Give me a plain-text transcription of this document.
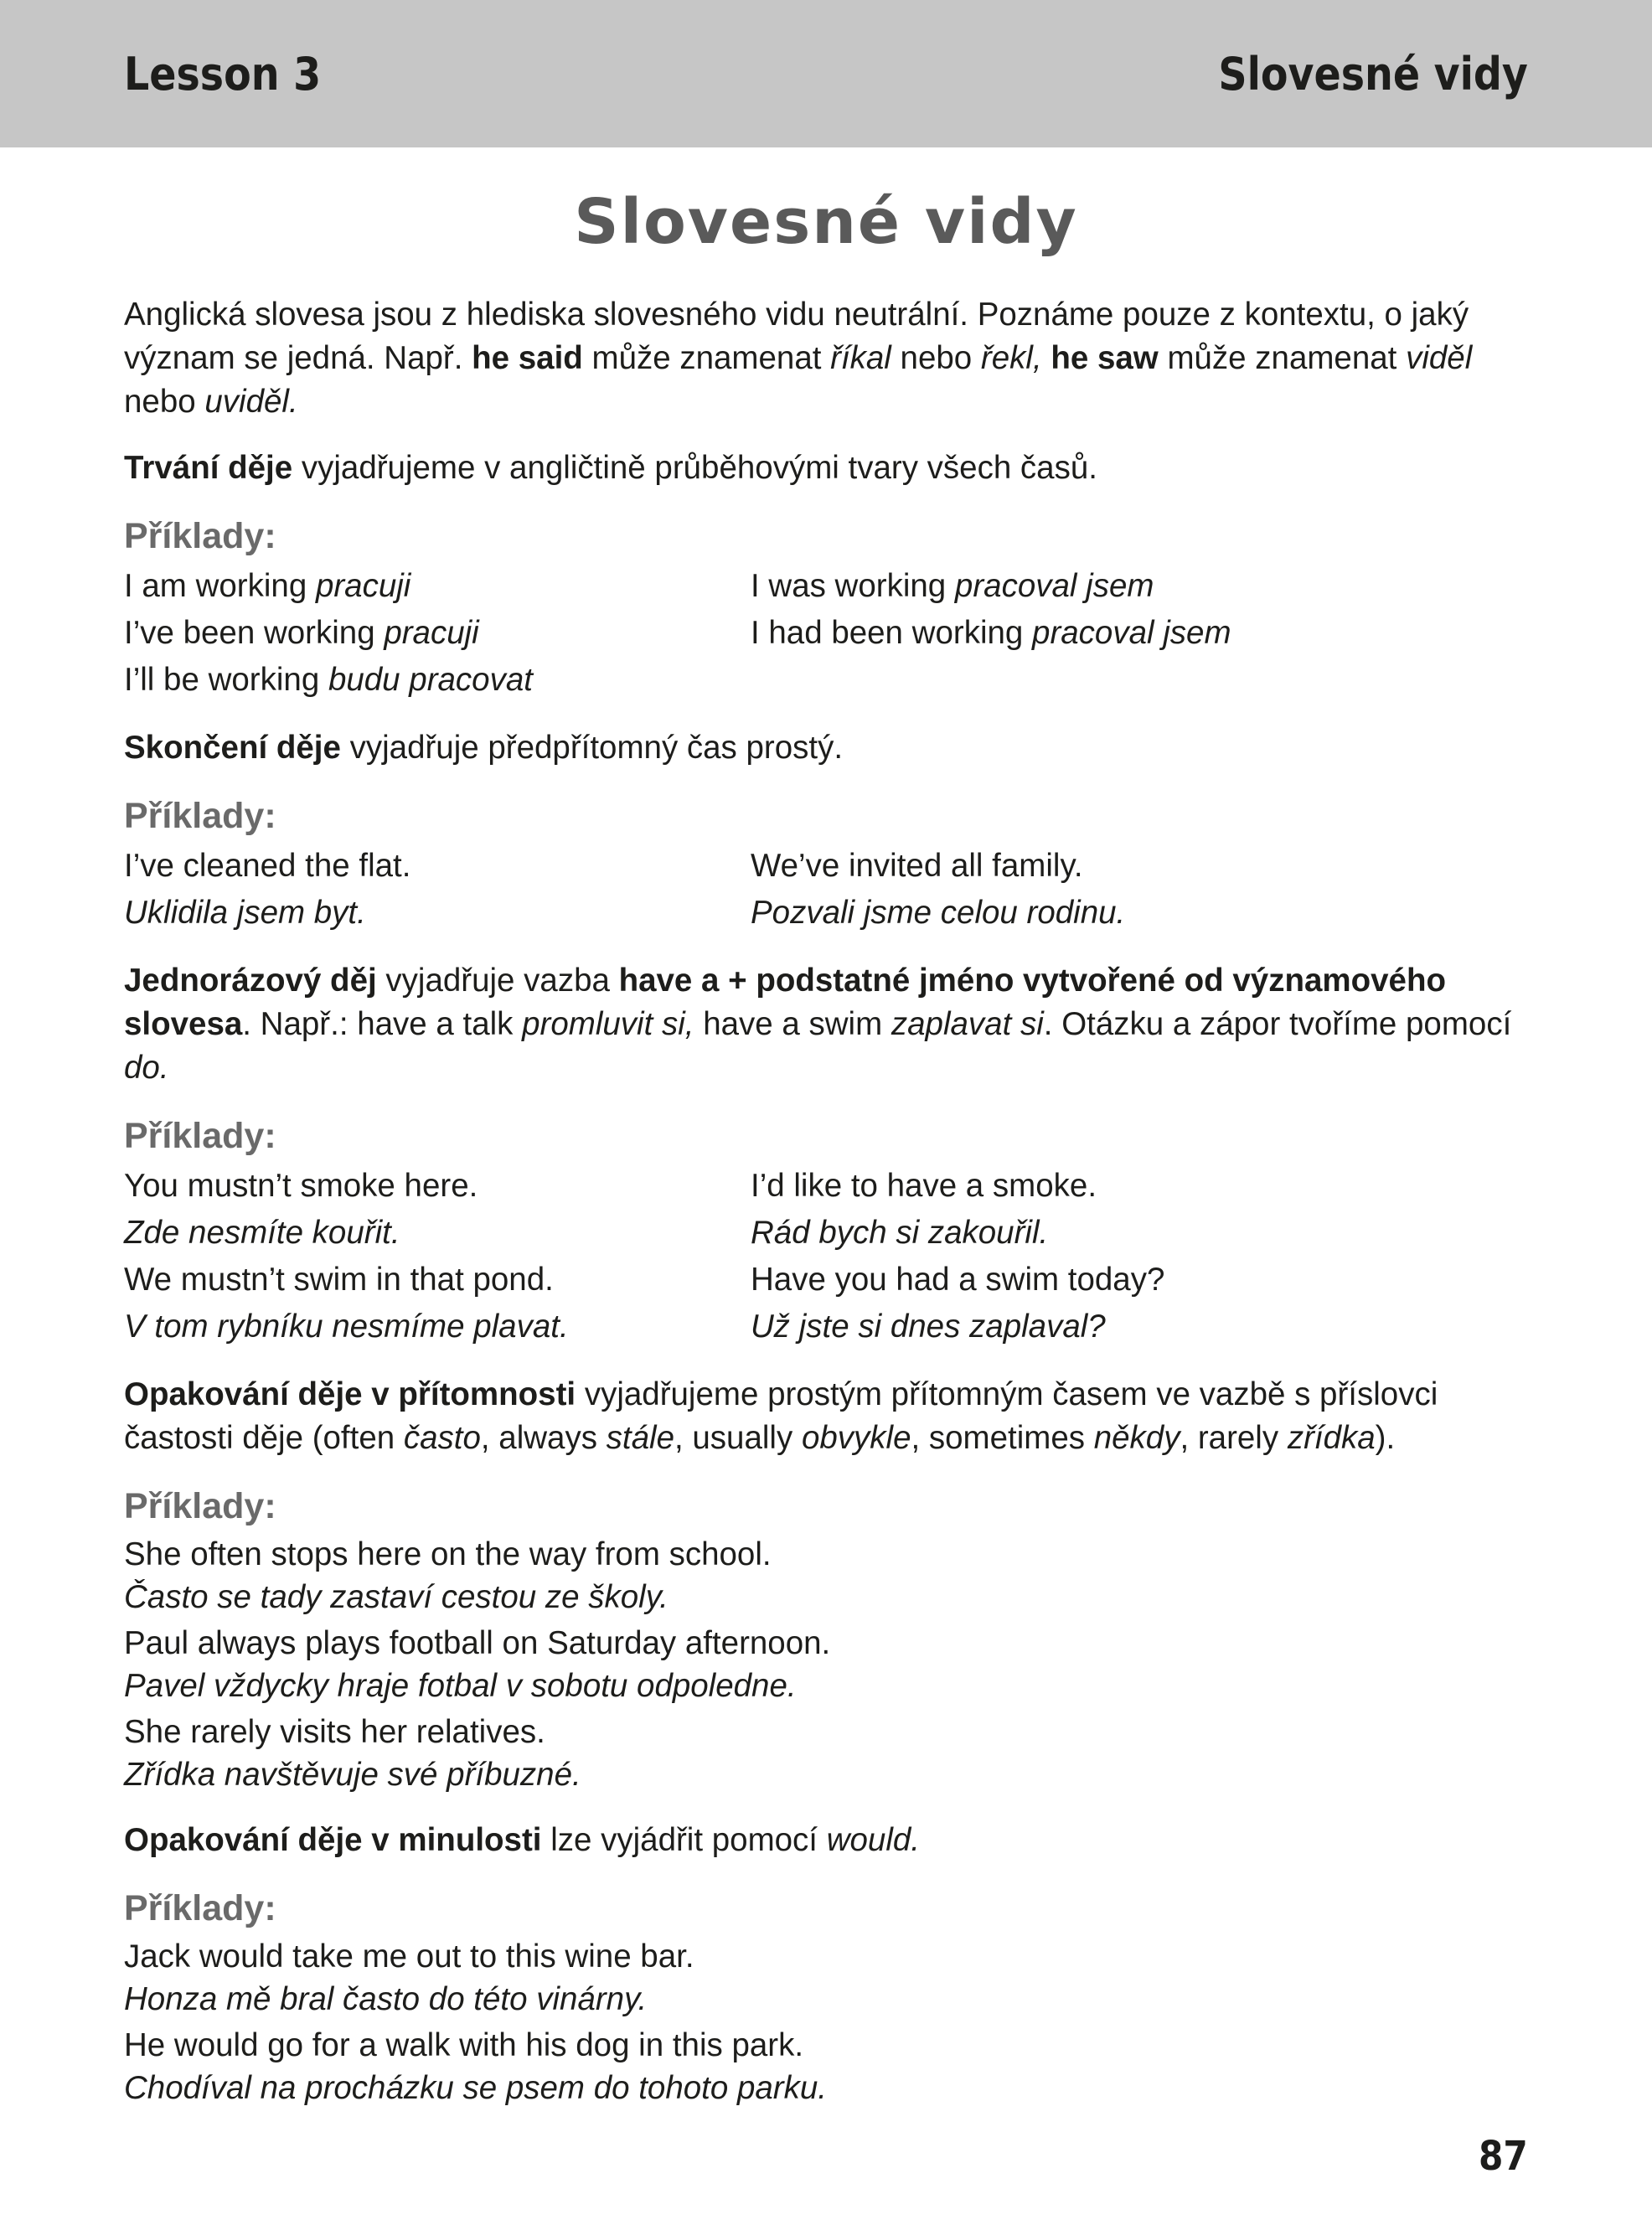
Lesson 3	Slovesné vidy
Slovesné vidy

Anglická slovesa jsou z hlediska slovesného vidu neutrální. Poznáme pouze z kontextu, o jaký význam se jedná. Např. he said může znamenat říkal nebo řekl, he saw může znamenat viděl nebo uviděl.

Trvání děje vyjadřujeme v angličtině průběhovými tvary všech časů.

Příklady:
I am working pracuji	I was working pracoval jsem
I’ve been working pracuji	I had been working pracoval jsem
I’ll be working budu pracovat

Skončení děje vyjadřuje předpřítomný čas prostý.

Příklady:
I’ve cleaned the flat.	We’ve invited all family.
Uklidila jsem byt.	Pozvali jsme celou rodinu.

Jednorázový děj vyjadřuje vazba have a + podstatné jméno vytvořené od významového slovesa. Např.: have a talk promluvit si, have a swim zaplavat si. Otázku a zápor tvoříme pomocí do.

Příklady:
You mustn’t smoke here.	I’d like to have a smoke.
Zde nesmíte kouřit.	Rád bych si zakouřil.
We mustn’t swim in that pond.	Have you had a swim today?
V tom rybníku nesmíme plavat.	Už jste si dnes zaplaval?

Opakování děje v přítomnosti vyjadřujeme prostým přítomným časem ve vazbě s příslovci častosti děje (often často, always stále, usually obvykle, sometimes někdy, rarely zřídka).

Příklady:
She often stops here on the way from school.
Často se tady zastaví cestou ze školy.
Paul always plays football on Saturday afternoon.
Pavel vždycky hraje fotbal v sobotu odpoledne.
She rarely visits her relatives.
Zřídka navštěvuje své příbuzné.

Opakování děje v minulosti lze vyjádřit pomocí would.

Příklady:
Jack would take me out to this wine bar.
Honza mě bral často do této vinárny.
He would go for a walk with his dog in this park.
Chodíval na procházku se psem do tohoto parku.
87
